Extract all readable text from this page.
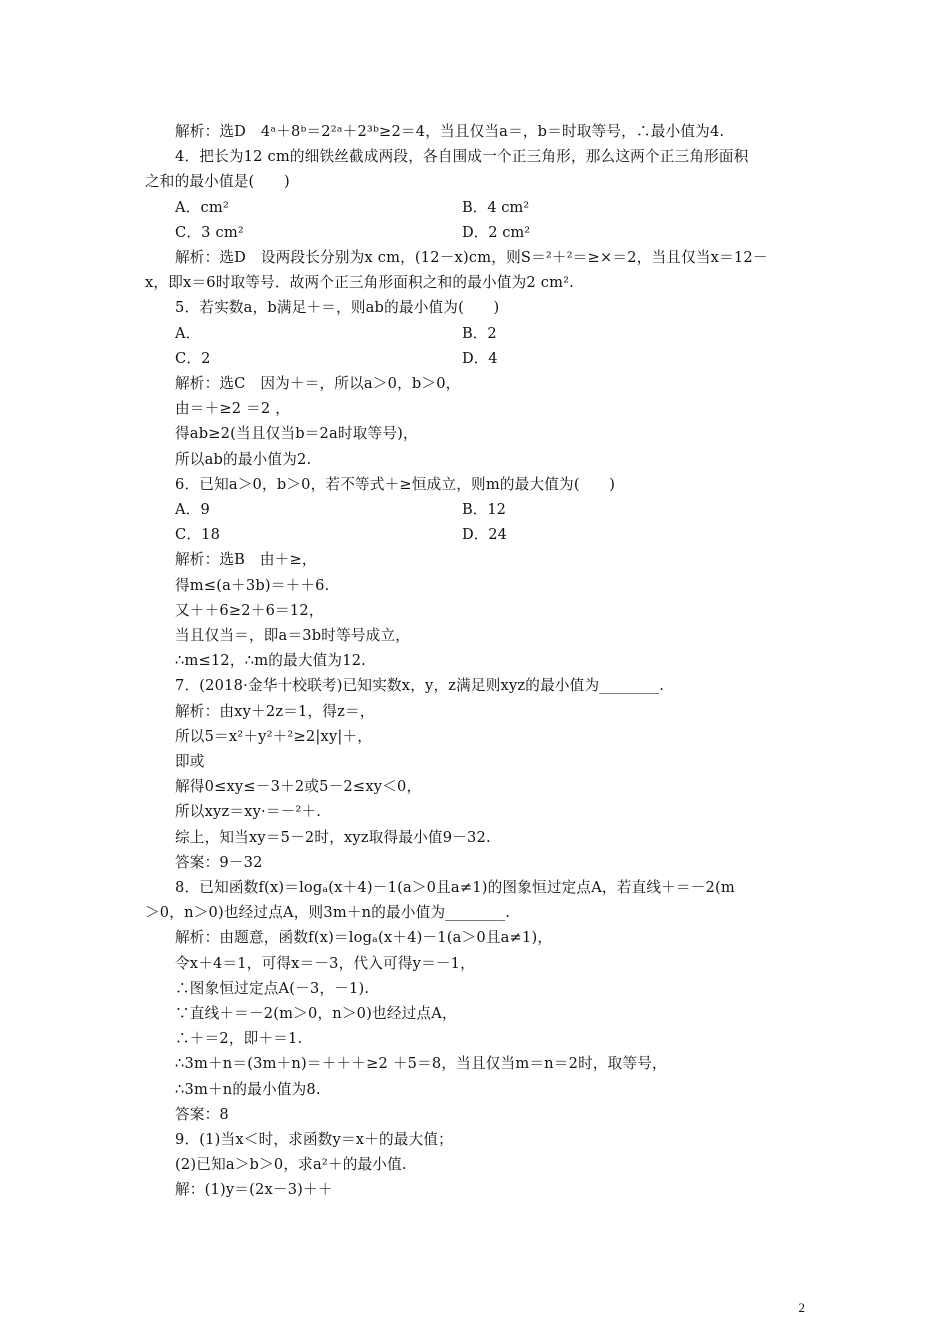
解析：选D　4ᵃ＋8ᵇ＝2²ᵃ＋2³ᵇ≥2＝4，当且仅当a＝，b＝时取等号，∴最小值为4.
4．把长为12 cm的细铁丝截成两段，各自围成一个正三角形，那么这两个正三角形面积
之和的最小值是(　　)
A．cm²	B．4 cm²
C．3 cm²	D．2 cm²
解析：选D　设两段长分别为x cm，(12－x)cm，则S＝²＋²＝≥×＝2，当且仅当x＝12－
x，即x＝6时取等号．故两个正三角形面积之和的最小值为2 cm².
5．若实数a，b满足＋＝，则ab的最小值为(　　)
A．	B．2
C．2	D．4
解析：选C　因为＋＝，所以a＞0，b＞0，
由＝＋≥2 ＝2 ，
得ab≥2(当且仅当b＝2a时取等号)，
所以ab的最小值为2.
6．已知a＞0，b＞0，若不等式＋≥恒成立，则m的最大值为(　　)
A．9	B．12
C．18	D．24
解析：选B　由＋≥，
得m≤(a＋3b)＝＋＋6.
又＋＋6≥2＋6＝12，
当且仅当＝，即a＝3b时等号成立，
∴m≤12，∴m的最大值为12.
7．(2018·金华十校联考)已知实数x，y，z满足则xyz的最小值为________.
解析：由xy＋2z＝1，得z＝，
所以5＝x²＋y²＋²≥2|xy|＋，
即或
解得0≤xy≤－3＋2或5－2≤xy＜0，
所以xyz＝xy·＝－²＋.
综上，知当xy＝5－2时，xyz取得最小值9－32.
答案：9－32
8．已知函数f(x)＝logₐ(x＋4)－1(a＞0且a≠1)的图象恒过定点A，若直线＋＝－2(m
＞0，n＞0)也经过点A，则3m＋n的最小值为________.
解析：由题意，函数f(x)＝logₐ(x＋4)－1(a＞0且a≠1)，
令x＋4＝1，可得x＝－3，代入可得y＝－1，
∴图象恒过定点A(－3，－1).
∵直线＋＝－2(m＞0，n＞0)也经过点A，
∴＋＝2，即＋＝1.
∴3m＋n＝(3m＋n)＝＋＋＋≥2 ＋5＝8，当且仅当m＝n＝2时，取等号，
∴3m＋n的最小值为8.
答案：8
9．(1)当x＜时，求函数y＝x＋的最大值；
(2)已知a＞b＞0，求a²＋的最小值.
解：(1)y＝(2x－3)＋＋
2
